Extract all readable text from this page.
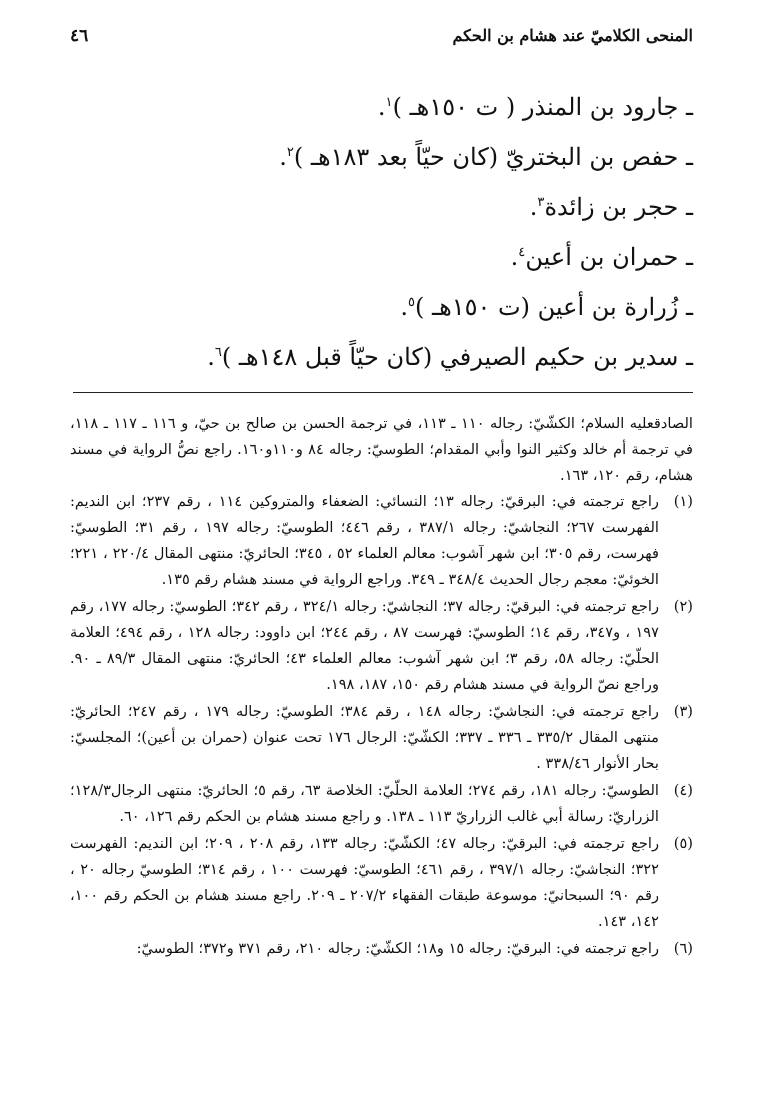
المنحى الكلاميّ عند هشام بن الحكم
٤٦
ـ جارود بن المنذر ( ت ١٥٠هـ )$^١$.
ـ حفص بن البختريّ (كان حيّاً بعد ١٨٣هـ )$^٢$.
ـ حجر بن زائدة$^٣$.
ـ حمران بن أعين$^٤$.
ـ زُرارة بن أعين (ت ١٥٠هـ )$^٥$.
ـ سدير بن حكيم الصيرفي (كان حيّاً قبل ١٤٨هـ )$^٦$.
الصادقعليه السلام؛ الكشّيّ: رجاله ١١٠ ـ ١١٣، في ترجمة الحسن بن صالح بن حيّ، و ١١٦ ـ ١١٧ ـ ١١٨، في ترجمة أم خالد وكثير النوا وأبي المقدام؛ الطوسيّ: رجاله ٨٤ و١١٠و١٦٠. راجع نصُّ الرواية في مسند هشام، رقم ١٢٠، ١٦٣.
(١)
راجع ترجمته في: البرقيّ: رجاله ١٣؛ النسائي: الضعفاء والمتروكين ١١٤ ، رقم ٢٣٧؛ ابن النديم: الفهرست ٢٦٧؛ النجاشيّ: رجاله ٣٨٧/١ ، رقم ٤٤٦؛ الطوسيّ: رجاله ١٩٧ ، رقم ٣١؛ الطوسيّ: فهرست، رقم ٣٠٥؛ ابن شهر آشوب: معالم العلماء ٥٢ ، ٣٤٥؛ الحائريّ: منتهى المقال ٢٢٠/٤ ، ٢٢١؛ الخوئيّ: معجم رجال الحديث ٣٤٨/٤ ـ ٣٤٩. وراجع الرواية في مسند هشام رقم ١٣٥.
(٢)
راجع ترجمته في: البرقيّ: رجاله ٣٧؛ النجاشيّ: رجاله ٣٢٤/١ ، رقم ٣٤٢؛ الطوسيّ: رجاله ١٧٧، رقم ١٩٧ ، و٣٤٧، رقم ١٤؛ الطوسيّ: فهرست ٨٧ ، رقم ٢٤٤؛ ابن داوود: رجاله ١٢٨ ، رقم ٤٩٤؛ العلامة الحلّيّ: رجاله ٥٨، رقم ٣؛ ابن شهر آشوب: معالم العلماء ٤٣؛ الحائريّ: منتهى المقال ٨٩/٣ ـ ٩٠. وراجع نصّ الرواية في مسند هشام رقم ١٥٠، ١٨٧، ١٩٨.
(٣)
راجع ترجمته في: النجاشيّ: رجاله ١٤٨ ، رقم ٣٨٤؛ الطوسيّ: رجاله ١٧٩ ، رقم ٢٤٧؛ الحائريّ: منتهى المقال ٣٣٥/٢ ـ ٣٣٦ ـ ٣٣٧؛ الكشّيّ: الرجال ١٧٦ تحت عنوان (حمران بن أعين)؛ المجلسيّ: بحار الأنوار ٣٣٨/٤٦ .
(٤)
الطوسيّ: رجاله ١٨١، رقم ٢٧٤؛ العلامة الحلّيّ: الخلاصة ٦٣، رقم ٥؛ الحائريّ: منتهى الرجال١٢٨/٣؛ الزراريّ: رسالة أبي غالب الزراريّ ١١٣ ـ ١٣٨. و راجع مسند هشام بن الحكم رقم ١٢٦، ٦٠.
(٥)
راجع ترجمته في: البرقيّ: رجاله ٤٧؛ الكشّيّ: رجاله ١٣٣، رقم ٢٠٨ ، ٢٠٩؛ ابن النديم: الفهرست ٣٢٢؛ النجاشيّ: رجاله ٣٩٧/١ ، رقم ٤٦١؛ الطوسيّ: فهرست ١٠٠ ، رقم ٣١٤؛ الطوسيّ رجاله ٢٠ ، رقم ٩٠؛ السبحانيّ: موسوعة طبقات الفقهاء ٢٠٧/٢ ـ ٢٠٩. راجع مسند هشام بن الحكم رقم ١٠٠، ١٤٢، ١٤٣.
(٦)
راجع ترجمته في: البرقيّ: رجاله ١٥ و١٨؛ الكشّيّ: رجاله ٢١٠، رقم ٣٧١ و٣٧٢؛ الطوسيّ:
